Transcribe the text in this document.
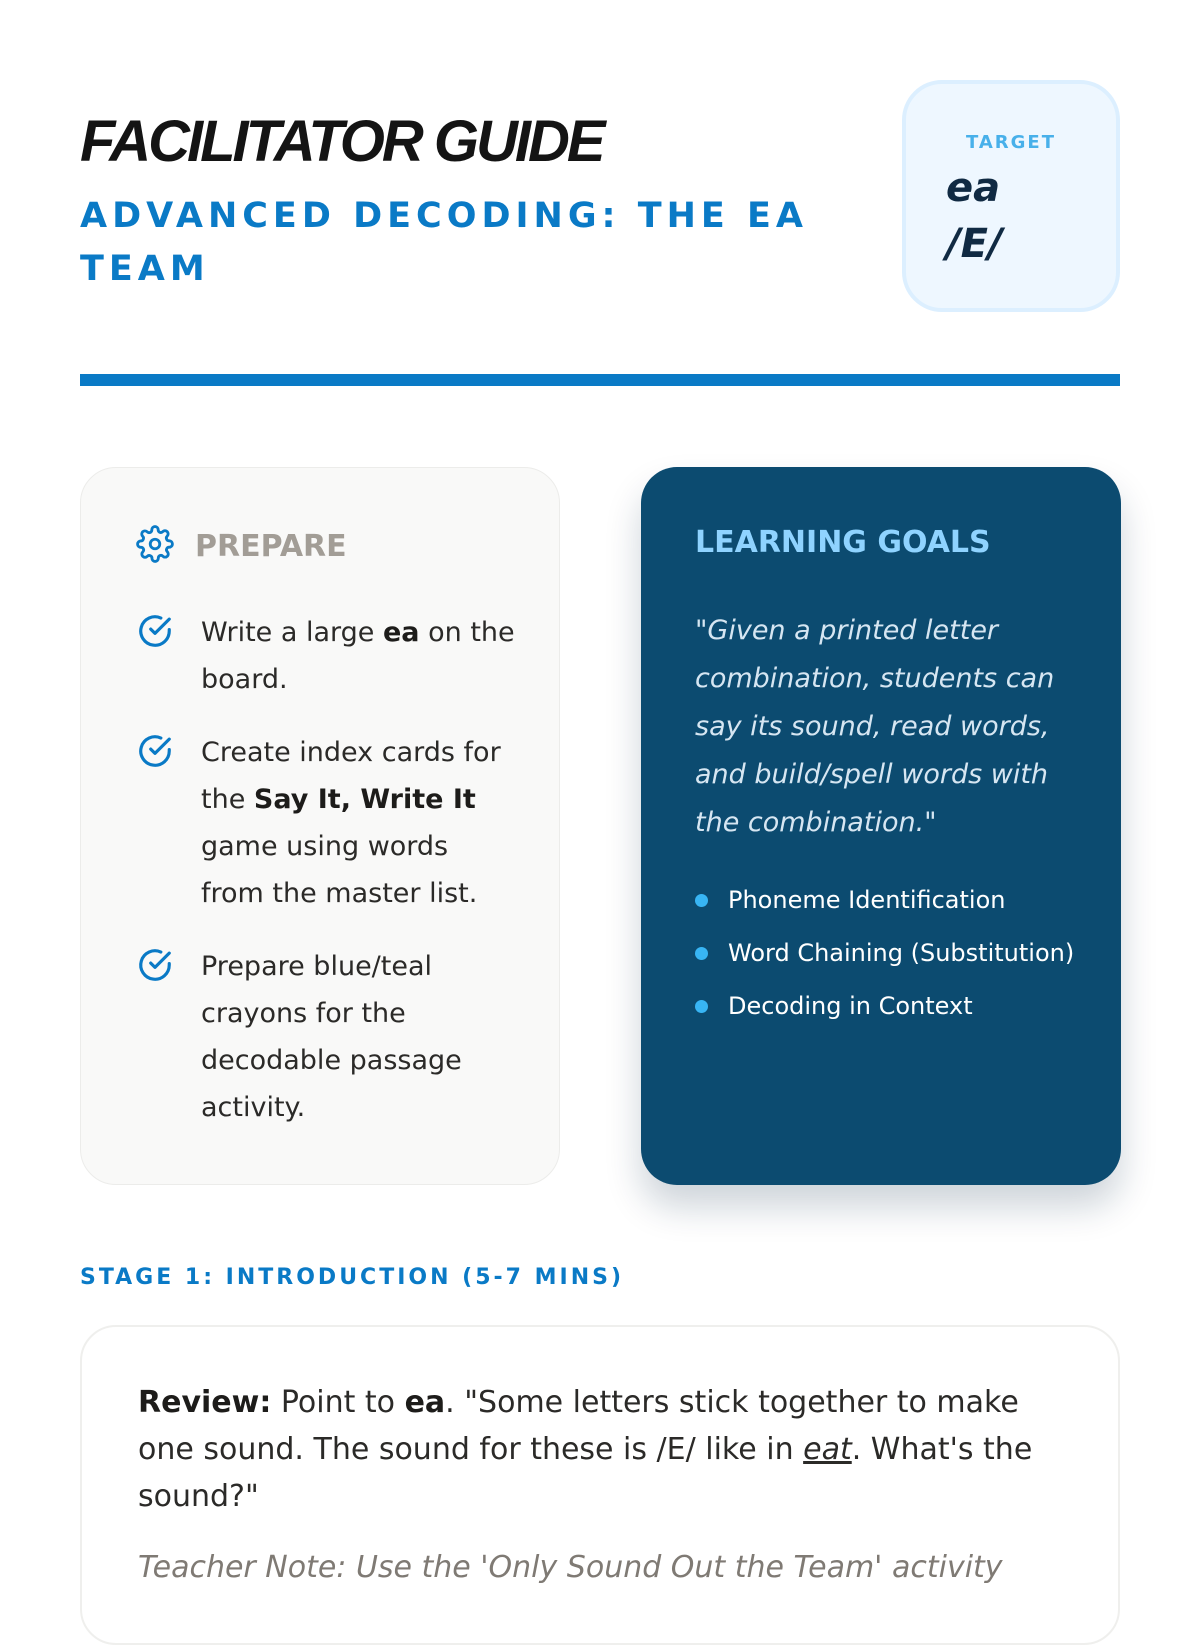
FACILITATOR GUIDE
ADVANCED DECODING: THE EA TEAM
TARGET
ea
/E/
PREPARE
Write a large ea on the board.
Create index cards for the Say It, Write It game using words from the master list.
Prepare blue/teal crayons for the decodable passage activity.
LEARNING GOALS
"Given a printed letter combination, students can say its sound, read words, and build/spell words with the combination."
Phoneme Identification
Word Chaining (Substitution)
Decoding in Context
STAGE 1: INTRODUCTION (5-7 MINS)
Review: Point to ea. "Some letters stick together to make one sound. The sound for these is /E/ like in eat. What's the sound?"
Teacher Note: Use the 'Only Sound Out the Team' activity
